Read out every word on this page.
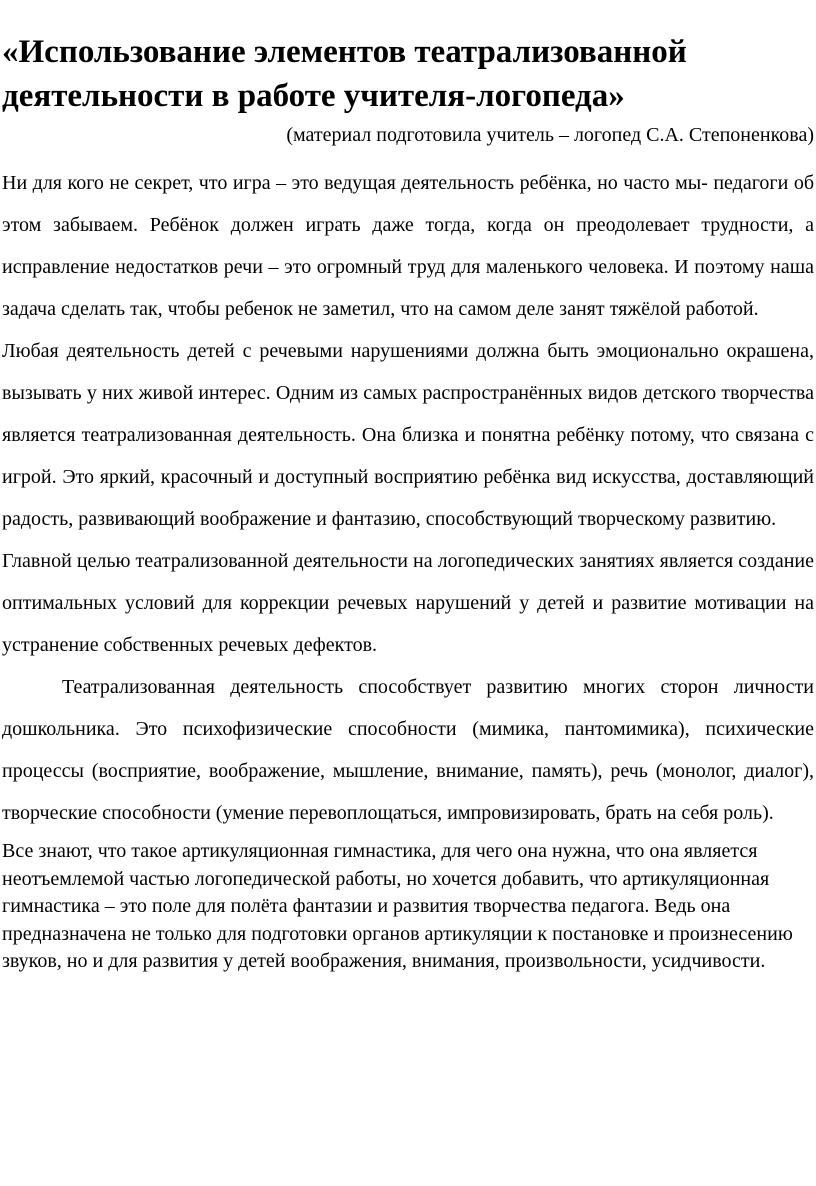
«Использование элементов театрализованной деятельности в работе учителя-логопеда»
(материал подготовила учитель – логопед С.А. Степоненкова)

Ни для кого не секрет, что игра – это ведущая деятельность ребёнка, но часто мы- педагоги об этом забываем. Ребёнок должен играть даже тогда, когда он преодолевает трудности, а исправление недостатков речи – это огромный труд для маленького человека. И поэтому наша задача сделать так, чтобы ребенок не заметил, что на самом деле занят тяжёлой работой.

Любая деятельность детей с речевыми нарушениями должна быть эмоционально окрашена, вызывать у них живой интерес. Одним из самых распространённых видов детского творчества является театрализованная деятельность. Она близка и понятна ребёнку потому, что связана с игрой. Это яркий, красочный и доступный восприятию ребёнка вид искусства, доставляющий радость, развивающий воображение и фантазию, способствующий творческому развитию.

Главной целью театрализованной деятельности на логопедических занятиях является создание оптимальных условий для коррекции речевых нарушений у детей и развитие мотивации на устранение собственных речевых дефектов.

Театрализованная деятельность способствует развитию многих сторон личности дошкольника. Это психофизические способности (мимика, пантомимика), психические процессы (восприятие, воображение, мышление, внимание, память), речь (монолог, диалог), творческие способности (умение перевоплощаться, импровизировать, брать на себя роль).

Все знают, что такое артикуляционная гимнастика, для чего она нужна, что она является неотъемлемой частью логопедической работы, но хочется добавить, что артикуляционная гимнастика – это поле для полёта фантазии и развития творчества педагога. Ведь она предназначена не только для подготовки органов артикуляции к постановке и произнесению звуков, но и для развития у детей воображения, внимания, произвольности, усидчивости.
